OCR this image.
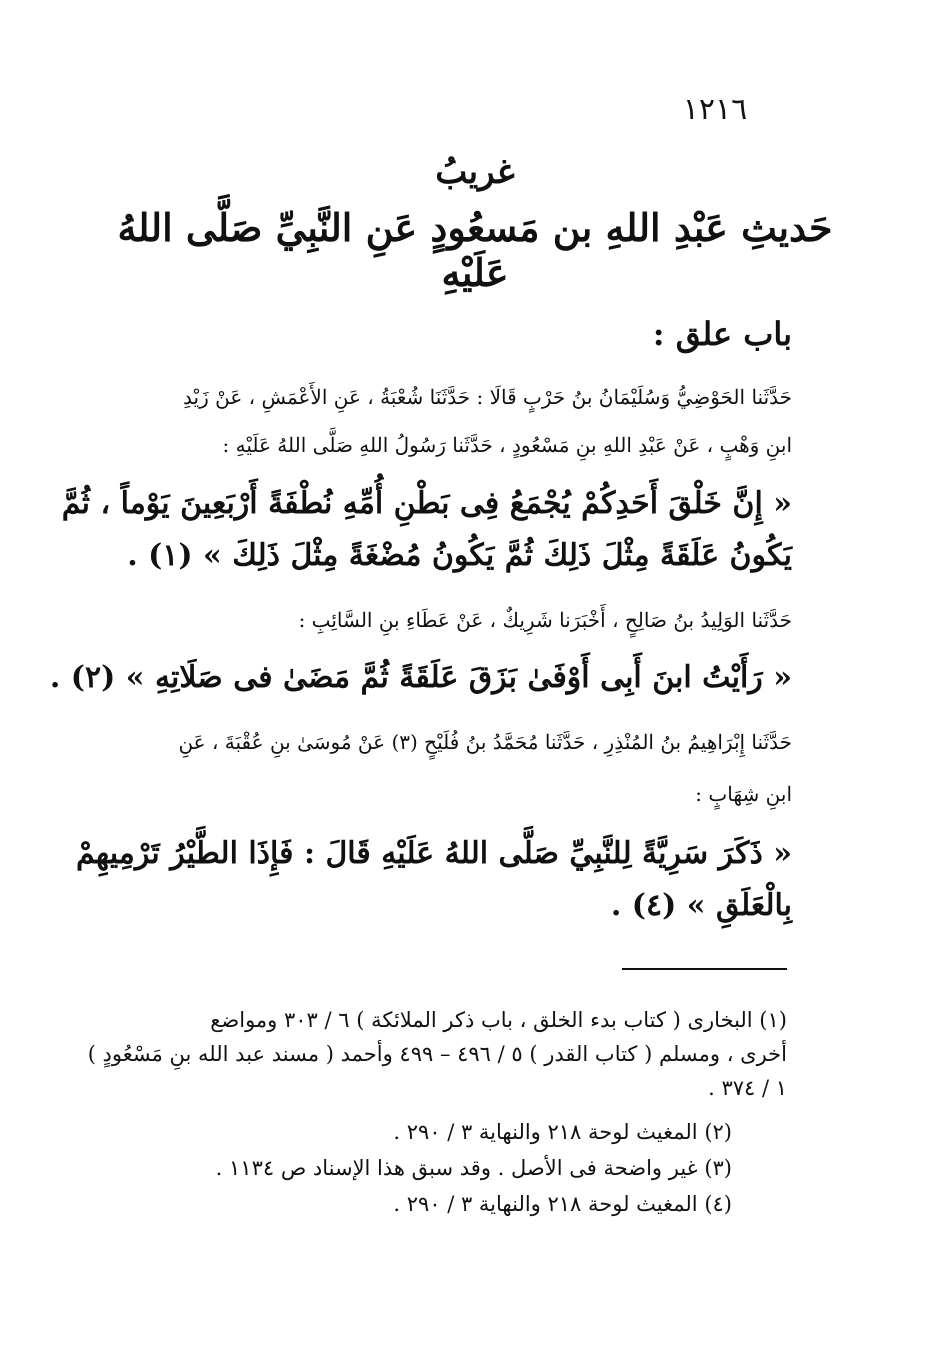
١٢١٦
غريبُ
حَديثِ عَبْدِ اللهِ بن مَسعُودٍ عَنِ النَّبِيِّ صَلَّى اللهُ عَلَيْهِ
باب علق :
حَدَّثَنا الحَوْضِيُّ وَسُلَيْمَانُ بنُ حَرْبٍ قَالَا : حَدَّثَنَا شُعْبَةُ ، عَنِ الأَعْمَشِ ، عَنْ زَيْدِ
ابنِ وَهْبٍ ، عَنْ عَبْدِ اللهِ بنِ مَسْعُودٍ ، حَدَّثَنا رَسُولُ اللهِ صَلَّى اللهُ عَلَيْهِ :
« إِنَّ خَلْقَ أَحَدِكُمْ يُجْمَعُ فِى بَطْنِ أُمِّهِ نُطْفَةً أَرْبَعِينَ يَوْماً ، ثُمَّ
يَكُونُ عَلَقَةً مِثْلَ ذَلِكَ ثُمَّ يَكُونُ مُضْغَةً مِثْلَ ذَلِكَ » (١) .
حَدَّثَنا الوَلِيدُ بنُ صَالِحٍ ، أَخْبَرَنا شَرِيكٌ ، عَنْ عَطَاءِ بنِ السَّائِبِ :
« رَأَيْتُ ابنَ أَبِى أَوْفَىٰ بَزَقَ عَلَقَةً ثُمَّ مَضَىٰ فى صَلَاتِهِ » (٢) .
حَدَّثَنا إِبْرَاهِيمُ بنُ المُنْذِرِ ، حَدَّثَنا مُحَمَّدُ بنُ فُلَيْحٍ (٣) عَنْ مُوسَىٰ بنِ عُقْبَةَ ، عَنِ
ابنِ شِهَابٍ :
« ذَكَرَ سَرِيَّةً لِلنَّبِيِّ صَلَّى اللهُ عَلَيْهِ قَالَ : فَإِذَا الطَّيْرُ تَرْمِيهِمْ
بِالْعَلَقِ » (٤) .
(١) البخارى ( كتاب بدء الخلق ، باب ذكر الملائكة ) ٦ / ٣٠٣ ومواضع
أخرى ، ومسلم ( كتاب القدر ) ٥ / ٤٩٦ – ٤٩٩ وأحمد ( مسند عبد الله بنِ مَسْعُودٍ )
١ / ٣٧٤ .
(٢) المغيث لوحة ٢١٨ والنهاية ٣ / ٢٩٠ .
(٣) غير واضحة فى الأصل . وقد سبق هذا الإسناد ص ١١٣٤ .
(٤) المغيث لوحة ٢١٨ والنهاية ٣ / ٢٩٠ .
